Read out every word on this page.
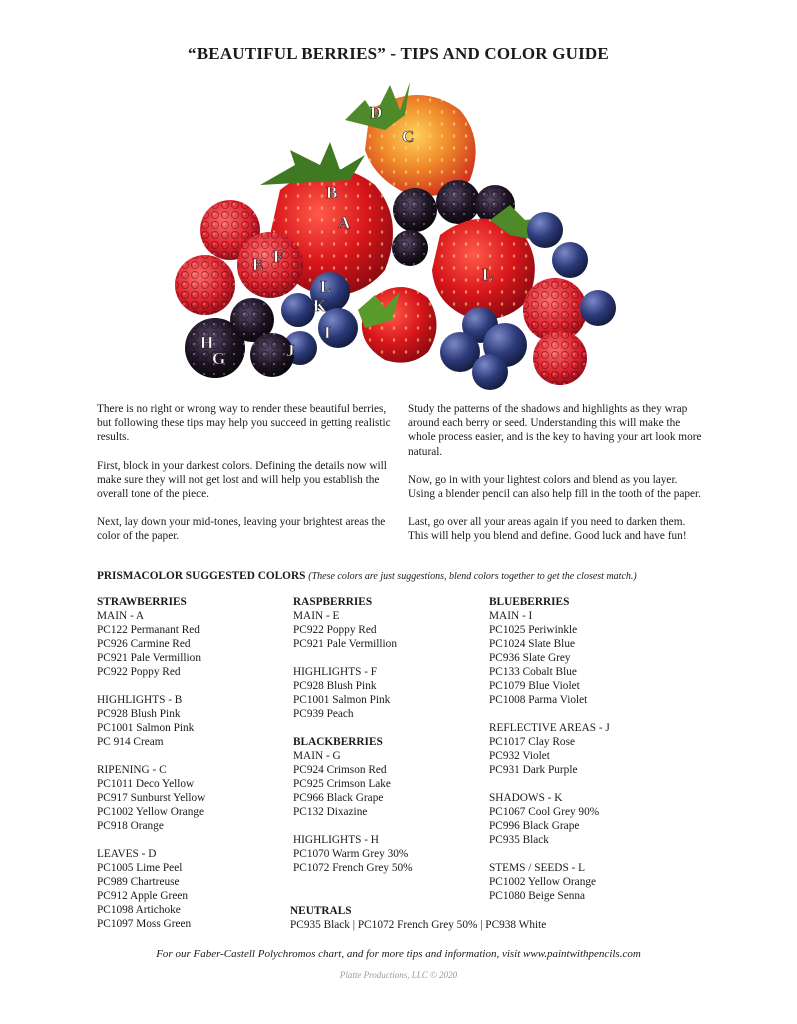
“BEAUTIFUL BERRIES” - TIPS AND COLOR GUIDE
D
C
B
A
E F
L
L
K
I
H
G	J

There is no right or wrong way to render these beautiful berries, but following these tips may help you succeed in getting realistic results.

First, block in your darkest colors. Defining the details now will make sure they will not get lost and will help you establish the overall tone of the piece.

Next, lay down your mid-tones, leaving your brightest areas the color of the paper.

Study the patterns of the shadows and highlights as they wrap around each berry or seed. Understanding this will make the whole process easier, and is the key to having your art look more natural.

Now, go in with your lightest colors and blend as you layer. Using a blender pencil can also help fill in the tooth of the paper.

Last, go over all your areas again if you need to darken them. This will help you blend and define. Good luck and have fun!

PRISMACOLOR SUGGESTED COLORS (These colors are just suggestions, blend colors together to get the closest match.)
STRAWBERRIES
MAIN - A
PC122 Permanant Red
PC926 Carmine Red
PC921 Pale Vermillion
PC922 Poppy Red
HIGHLIGHTS - B
PC928 Blush Pink
PC1001 Salmon Pink
PC 914 Cream
RIPENING - C
PC1011 Deco Yellow
PC917 Sunburst Yellow
PC1002 Yellow Orange
PC918 Orange
LEAVES - D
PC1005 Lime Peel
PC989 Chartreuse
PC912 Apple Green
PC1098 Artichoke
PC1097 Moss Green
RASPBERRIES
MAIN - E
PC922 Poppy Red
PC921 Pale Vermillion
HIGHLIGHTS - F
PC928 Blush Pink
PC1001 Salmon Pink
PC939 Peach
BLACKBERRIES
MAIN - G
PC924 Crimson Red
PC925 Crimson Lake
PC966 Black Grape
PC132 Dixazine
HIGHLIGHTS - H
PC1070 Warm Grey 30%
PC1072 French Grey 50%
BLUEBERRIES
MAIN - I
PC1025 Periwinkle
PC1024 Slate Blue
PC936 Slate Grey
PC133 Cobalt Blue
PC1079 Blue Violet
PC1008 Parma Violet
REFLECTIVE AREAS - J
PC1017 Clay Rose
PC932 Violet
PC931 Dark Purple
SHADOWS - K
PC1067 Cool Grey 90%
PC996 Black Grape
PC935 Black
STEMS / SEEDS - L
PC1002 Yellow Orange
PC1080 Beige Senna
NEUTRALS
PC935 Black | PC1072 French Grey 50% | PC938 White
For our Faber-Castell Polychromos chart, and for more tips and information, visit www.paintwithpencils.com
Platte Productions, LLC © 2020
